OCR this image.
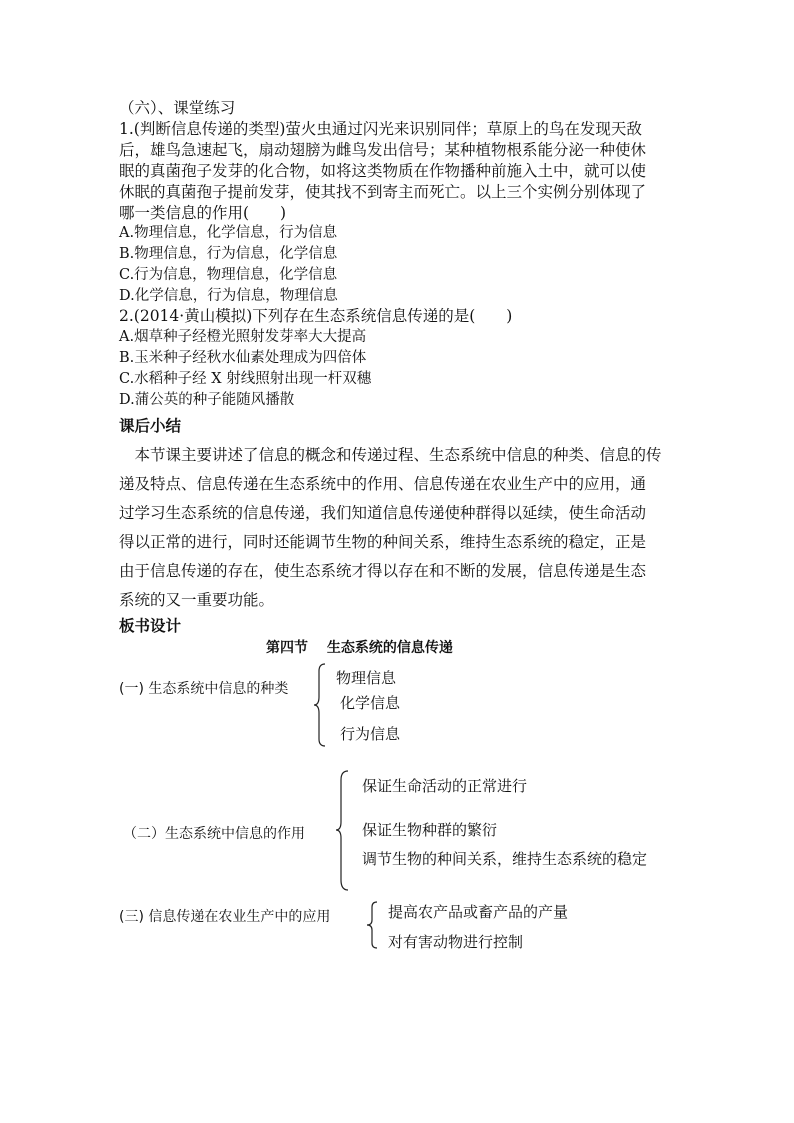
（六）、课堂练习
1.(判断信息传递的类型)萤火虫通过闪光来识别同伴；草原上的鸟在发现天敌
后，雄鸟急速起飞，扇动翅膀为雌鸟发出信号；某种植物根系能分泌一种使休
眠的真菌孢子发芽的化合物，如将这类物质在作物播种前施入土中，就可以使
休眠的真菌孢子提前发芽，使其找不到寄主而死亡。以上三个实例分别体现了
哪一类信息的作用(　　)
A.物理信息，化学信息，行为信息
B.物理信息，行为信息，化学信息
C.行为信息，物理信息，化学信息
D.化学信息，行为信息，物理信息
2.(2014·黄山模拟)下列存在生态系统信息传递的是(　　)
A.烟草种子经橙光照射发芽率大大提高
B.玉米种子经秋水仙素处理成为四倍体
C.水稻种子经 X 射线照射出现一杆双穗
D.蒲公英的种子能随风播散
课后小结
　本节课主要讲述了信息的概念和传递过程、生态系统中信息的种类、信息的传
递及特点、信息传递在生态系统中的作用、信息传递在农业生产中的应用，通
过学习生态系统的信息传递，我们知道信息传递使种群得以延续，使生命活动
得以正常的进行，同时还能调节生物的种间关系，维持生态系统的稳定，正是
由于信息传递的存在，使生态系统才得以存在和不断的发展，信息传递是生态
系统的又一重要功能。
板书设计
第四节　 生态系统的信息传递
(一) 生态系统中信息的种类
物理信息
化学信息
行为信息
（二）生态系统中信息的作用
保证生命活动的正常进行
保证生物种群的繁衍
调节生物的种间关系，维持生态系统的稳定
(三) 信息传递在农业生产中的应用	提高农产品或畜产品的产量
对有害动物进行控制
